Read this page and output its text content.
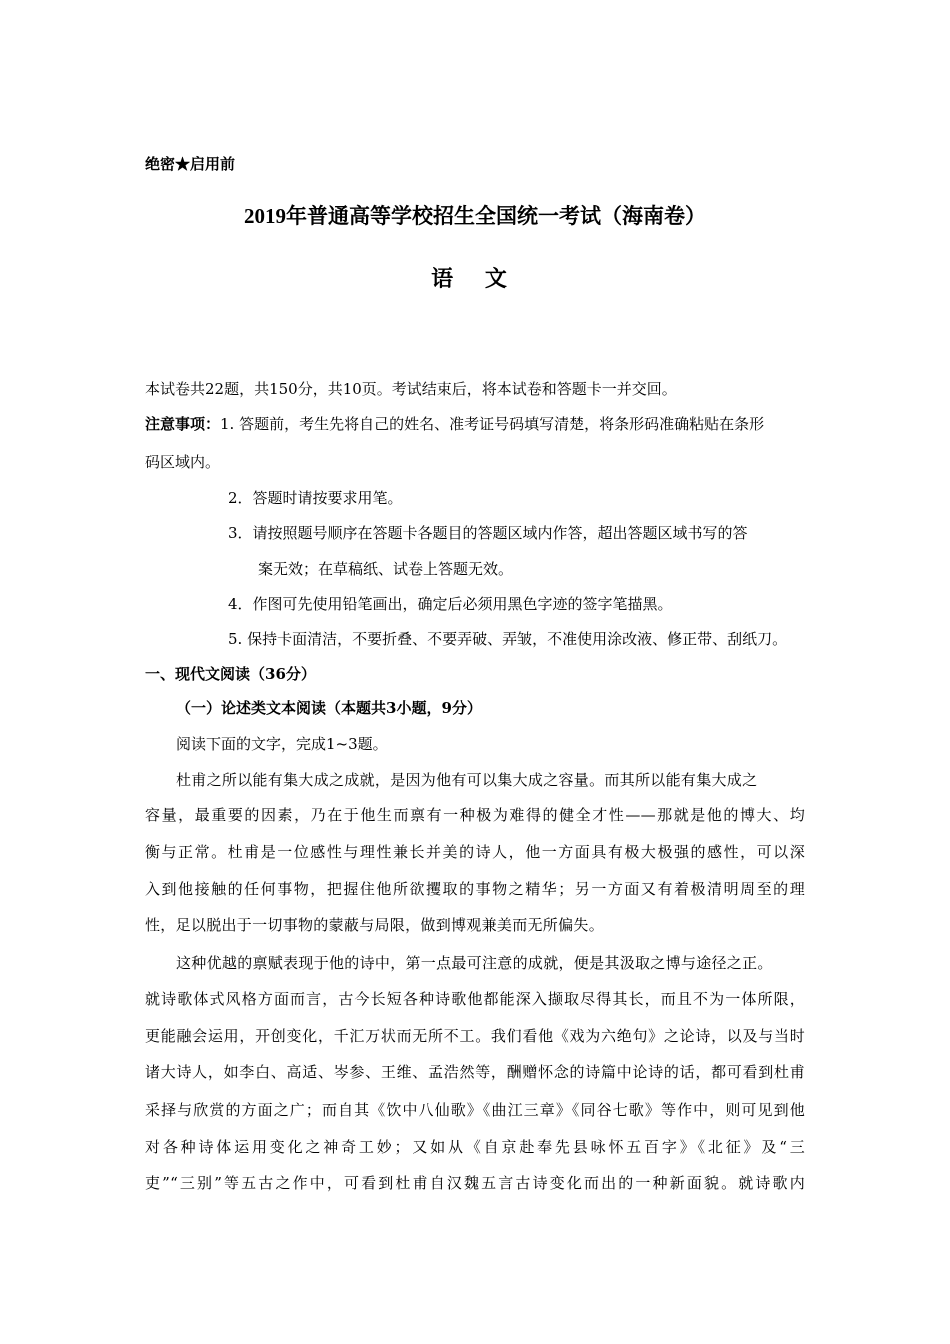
绝密★启用前
2019年普通高等学校招生全国统一考试（海南卷）
语 文
本试卷共22题，共150分，共10页。考试结束后，将本试卷和答题卡一并交回。
注意事项：1. 答题前，考生先将自己的姓名、准考证号码填写清楚，将条形码准确粘贴在条形
码区域内。
2．答题时请按要求用笔。
3．请按照题号顺序在答题卡各题目的答题区域内作答，超出答题区域书写的答
案无效；在草稿纸、试卷上答题无效。
4．作图可先使用铅笔画出，确定后必须用黑色字迹的签字笔描黑。
5. 保持卡面清洁，不要折叠、不要弄破、弄皱，不准使用涂改液、修正带、刮纸刀。
一、现代文阅读（36分）
（一）论述类文本阅读（本题共3小题，9分）
阅读下面的文字，完成1~3题。
杜甫之所以能有集大成之成就，是因为他有可以集大成之容量。而其所以能有集大成之
容量，最重要的因素，乃在于他生而禀有一种极为难得的健全才性——那就是他的博大、均
衡与正常。杜甫是一位感性与理性兼长并美的诗人，他一方面具有极大极强的感性，可以深
入到他接触的任何事物，把握住他所欲攫取的事物之精华；另一方面又有着极清明周至的理
性，足以脱出于一切事物的蒙蔽与局限，做到博观兼美而无所偏失。
这种优越的禀赋表现于他的诗中，第一点最可注意的成就，便是其汲取之博与途径之正。
就诗歌体式风格方面而言，古今长短各种诗歌他都能深入撷取尽得其长，而且不为一体所限，
更能融会运用，开创变化，千汇万状而无所不工。我们看他《戏为六绝句》之论诗，以及与当时
诸大诗人，如李白、高适、岑参、王维、孟浩然等，酬赠怀念的诗篇中论诗的话，都可看到杜甫
采择与欣赏的方面之广；而自其《饮中八仙歌》《曲江三章》《同谷七歌》等作中，则可见到他
对各种诗体运用变化之神奇工妙；又如从《自京赴奉先县咏怀五百字》《北征》及“三
吏”“三别”等五古之作中，可看到杜甫自汉魏五言古诗变化而出的一种新面貌。就诗歌内
